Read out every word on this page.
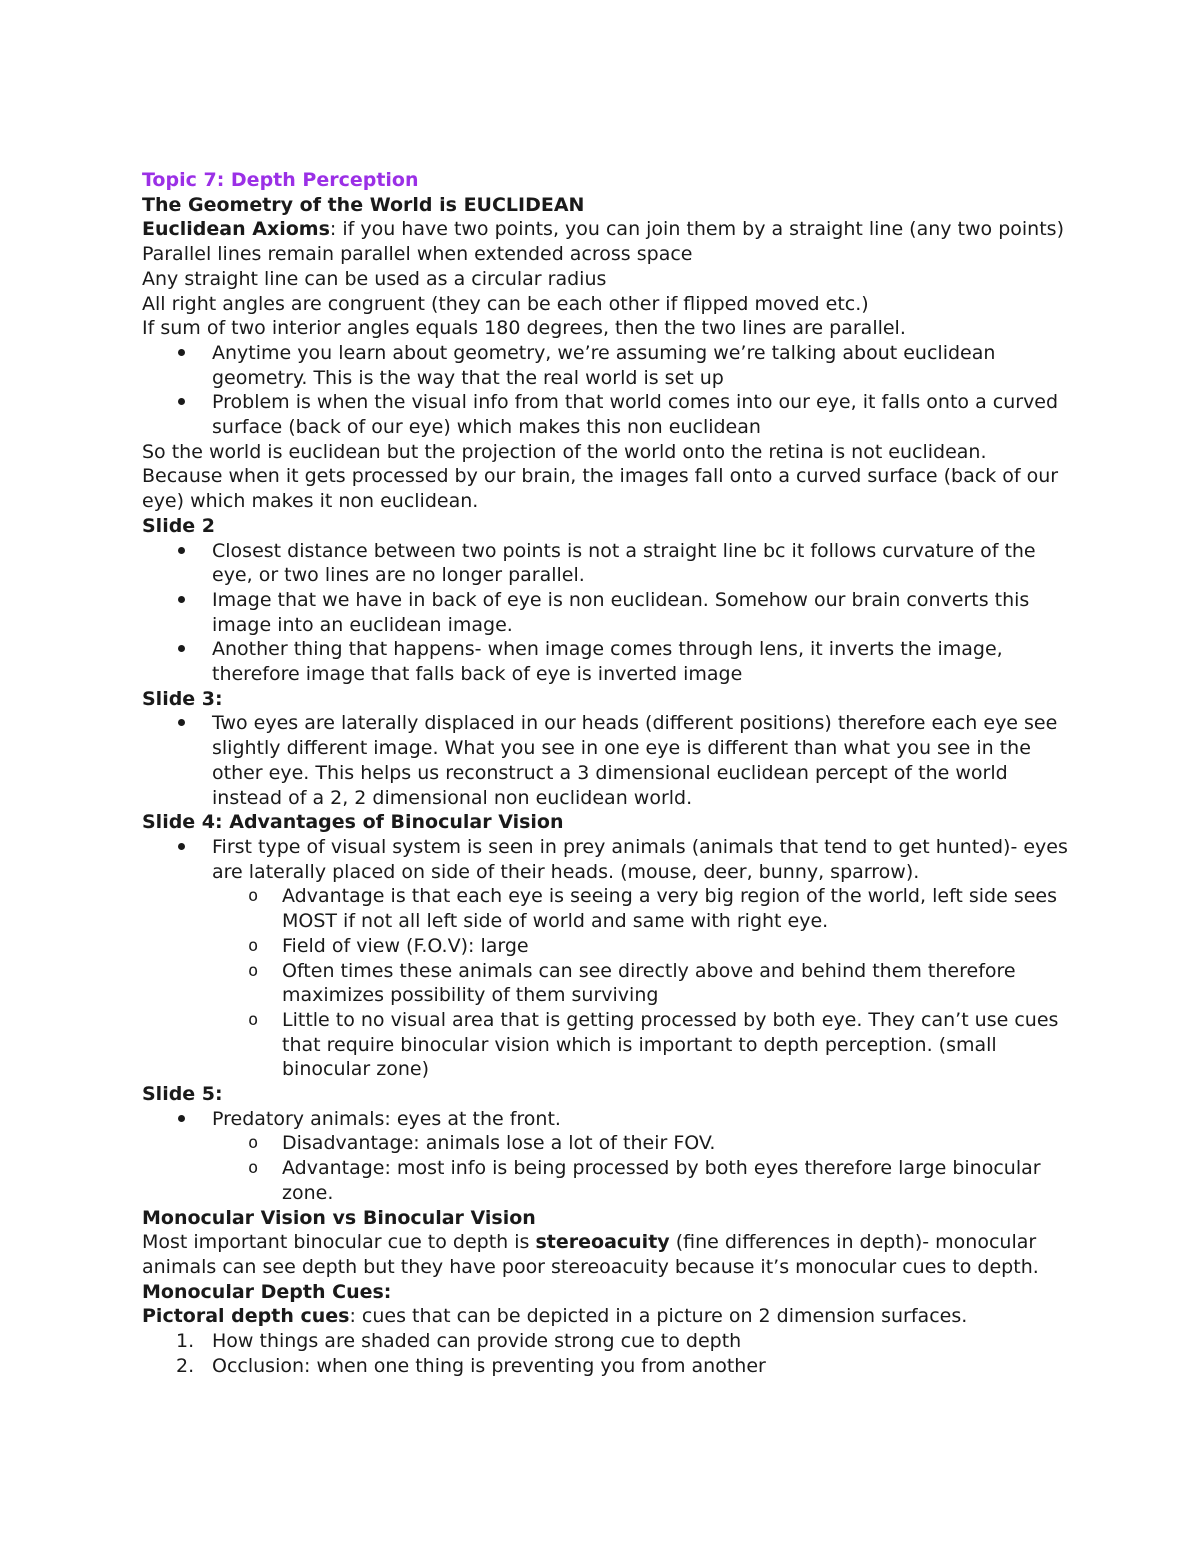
Topic 7: Depth Perception

The Geometry of the World is EUCLIDEAN

Euclidean Axioms: if you have two points, you can join them by a straight line (any two points)

Parallel lines remain parallel when extended across space

Any straight line can be used as a circular radius

All right angles are congruent (they can be each other if flipped moved etc.)

If sum of two interior angles equals 180 degrees, then the two lines are parallel.

Anytime you learn about geometry, we’re assuming we’re talking about euclidean geometry. This is the way that the real world is set up
Problem is when the visual info from that world comes into our eye, it falls onto a curved surface (back of our eye) which makes this non euclidean

So the world is euclidean but the projection of the world onto the retina is not euclidean.

Because when it gets processed by our brain, the images fall onto a curved surface (back of our eye) which makes it non euclidean.

Slide 2

Closest distance between two points is not a straight line bc it follows curvature of the eye, or two lines are no longer parallel.
Image that we have in back of eye is non euclidean. Somehow our brain converts this image into an euclidean image.
Another thing that happens- when image comes through lens, it inverts the image, therefore image that falls back of eye is inverted image

Slide 3:

Two eyes are laterally displaced in our heads (different positions) therefore each eye see slightly different image. What you see in one eye is different than what you see in the other eye. This helps us reconstruct a 3 dimensional euclidean percept of the world instead of a 2, 2 dimensional non euclidean world.

Slide 4: Advantages of Binocular Vision

First type of visual system is seen in prey animals (animals that tend to get hunted)- eyes are laterally placed on side of their heads. (mouse, deer, bunny, sparrow).
o Advantage is that each eye is seeing a very big region of the world, left side sees MOST if not all left side of world and same with right eye.
o Field of view (F.O.V): large
o Often times these animals can see directly above and behind them therefore maximizes possibility of them surviving
o Little to no visual area that is getting processed by both eye. They can’t use cues that require binocular vision which is important to depth perception. (small binocular zone)

Slide 5:

Predatory animals: eyes at the front.
o Disadvantage: animals lose a lot of their FOV.
o Advantage: most info is being processed by both eyes therefore large binocular zone.

Monocular Vision vs Binocular Vision

Most important binocular cue to depth is stereoacuity (fine differences in depth)- monocular animals can see depth but they have poor stereoacuity because it’s monocular cues to depth.

Monocular Depth Cues:

Pictoral depth cues: cues that can be depicted in a picture on 2 dimension surfaces.

1. How things are shaded can provide strong cue to depth
2. Occlusion: when one thing is preventing you from another
